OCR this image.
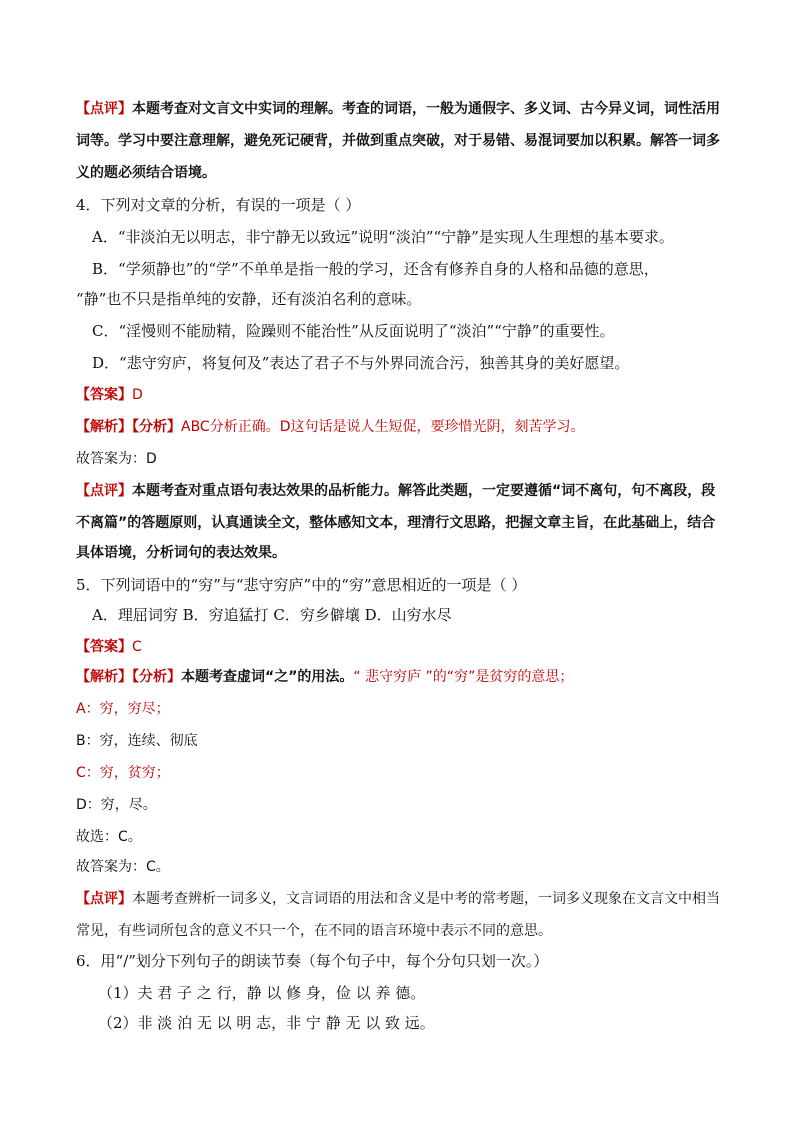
【点评】本题考查对文言文中实词的理解。考查的词语，一般为通假字、多义词、古今异义词，词性活用
词等。学习中要注意理解，避免死记硬背，并做到重点突破，对于易错、易混词要加以积累。解答一词多
义的题必须结合语境。
4．下列对文章的分析，有误的一项是（ ）
A．“非淡泊无以明志，非宁静无以致远”说明“淡泊”“宁静”是实现人生理想的基本要求。
B．“学须静也”的“学”不单单是指一般的学习，还含有修养自身的人格和品德的意思，
“静”也不只是指单纯的安静，还有淡泊名利的意味。
C．“淫慢则不能励精，险躁则不能治性”从反面说明了“淡泊”“宁静”的重要性。
D．“悲守穷庐，将复何及”表达了君子不与外界同流合污，独善其身的美好愿望。
【答案】D
【解析】【分析】ABC分析正确。D这句话是说人生短促，要珍惜光阴，刻苦学习。
故答案为：D
【点评】本题考查对重点语句表达效果的品析能力。解答此类题，一定要遵循“词不离句，句不离段，段
不离篇”的答题原则，认真通读全文，整体感知文本，理清行文思路，把握文章主旨，在此基础上，结合
具体语境，分析词句的表达效果。
5．下列词语中的“穷”与“悲守穷庐”中的“穷”意思相近的一项是（ ）
A．理屈词穷 B．穷追猛打 C．穷乡僻壤 D．山穷水尽
【答案】C
【解析】【分析】本题考查虚词“之”的用法。“ 悲守穷庐 ”的“穷”是贫穷的意思；
A：穷，穷尽；
B：穷，连续、彻底
C：穷，贫穷；
D：穷，尽。
故选：C。
故答案为：C。
【点评】本题考查辨析一词多义，文言词语的用法和含义是中考的常考题，一词多义现象在文言文中相当
常见，有些词所包含的意义不只一个，在不同的语言环境中表示不同的意思。
6．用“/”划分下列句子的朗读节奏（每个句子中，每个分句只划一次。）
（1）夫 君 子 之 行，静 以 修 身，俭 以 养 德。
（2）非 淡 泊 无 以 明 志，非 宁 静 无 以 致 远。
